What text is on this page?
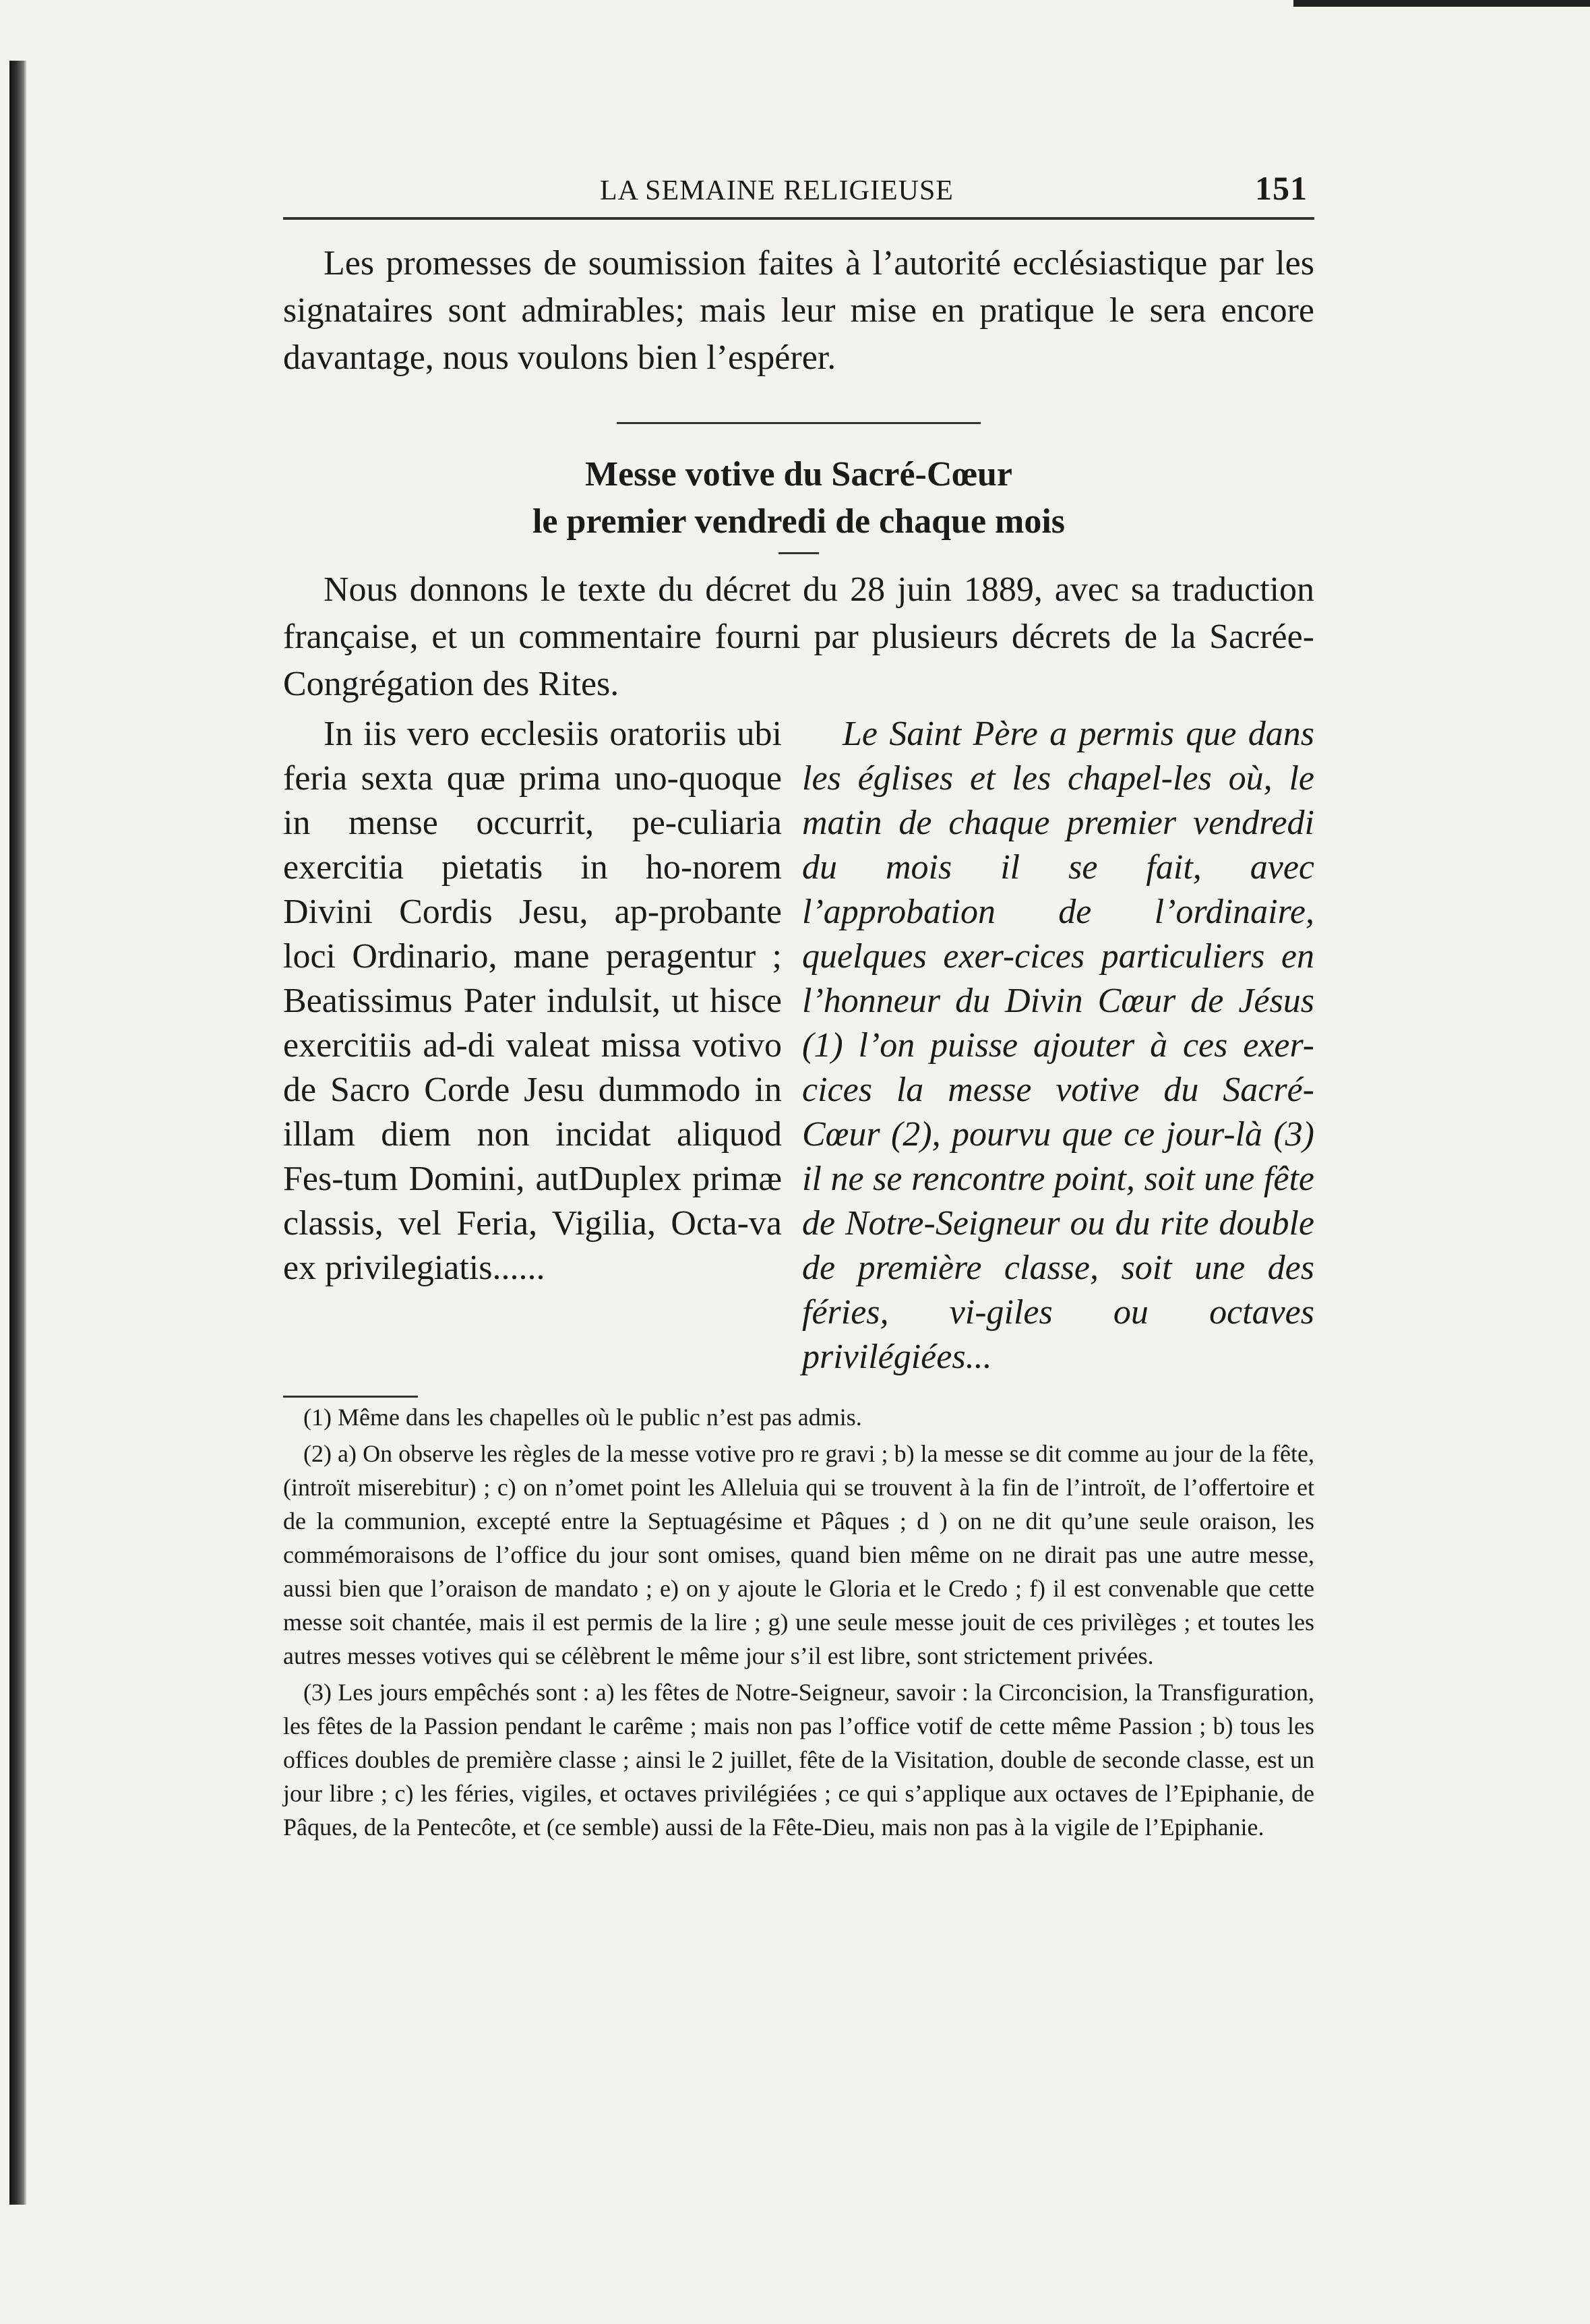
LA SEMAINE RELIGIEUSE	151

Les promesses de soumission faites à l’autorité ecclésiastique par les signataires sont admirables; mais leur mise en pratique le sera encore davantage, nous voulons bien l’espérer.

Messe votive du Sacré-Cœur
le premier vendredi de chaque mois

Nous donnons le texte du décret du 28 juin 1889, avec sa traduction française, et un commentaire fourni par plusieurs décrets de la Sacrée-Congrégation des Rites.

In iis vero ecclesiis oratoriis ubi feria sexta quæ prima uno-quoque in mense occurrit, pe-culiaria exercitia pietatis in ho-norem Divini Cordis Jesu, ap-probante loci Ordinario, mane peragentur ; Beatissimus Pater indulsit, ut hisce exercitiis ad-di valeat missa votivo de Sacro Corde Jesu dummodo in illam diem non incidat aliquod Fes-tum Domini, autDuplex primæ classis, vel Feria, Vigilia, Octa-va ex privilegiatis......

Le Saint Père a permis que dans les églises et les chapel-les où, le matin de chaque premier vendredi du mois il se fait, avec l’approbation de l’ordinaire, quelques exer-cices particuliers en l’honneur du Divin Cœur de Jésus (1) l’on puisse ajouter à ces exer-cices la messe votive du Sacré-Cœur (2), pourvu que ce jour-là (3) il ne se rencontre point, soit une fête de Notre-Seigneur ou du rite double de première classe, soit une des féries, vi-giles ou octaves privilégiées...

(1) Même dans les chapelles où le public n’est pas admis.

(2) a) On observe les règles de la messe votive pro re gravi ; b) la messe se dit comme au jour de la fête, (introït miserebitur) ; c) on n’omet point les Alleluia qui se trouvent à la fin de l’introït, de l’offertoire et de la communion, excepté entre la Septuagésime et Pâques ; d ) on ne dit qu’une seule oraison, les commémoraisons de l’office du jour sont omises, quand bien même on ne dirait pas une autre messe, aussi bien que l’oraison de mandato ; e) on y ajoute le Gloria et le Credo ; f) il est convenable que cette messe soit chantée, mais il est permis de la lire ; g) une seule messe jouit de ces privilèges ; et toutes les autres messes votives qui se célèbrent le même jour s’il est libre, sont strictement privées.

(3) Les jours empêchés sont : a) les fêtes de Notre-Seigneur, savoir : la Circoncision, la Transfiguration, les fêtes de la Passion pendant le carême ; mais non pas l’office votif de cette même Passion ; b) tous les offices doubles de première classe ; ainsi le 2 juillet, fête de la Visitation, double de seconde classe, est un jour libre ; c) les féries, vigiles, et octaves privilégiées ; ce qui s’applique aux octaves de l’Epiphanie, de Pâques, de la Pentecôte, et (ce semble) aussi de la Fête-Dieu, mais non pas à la vigile de l’Epiphanie.
